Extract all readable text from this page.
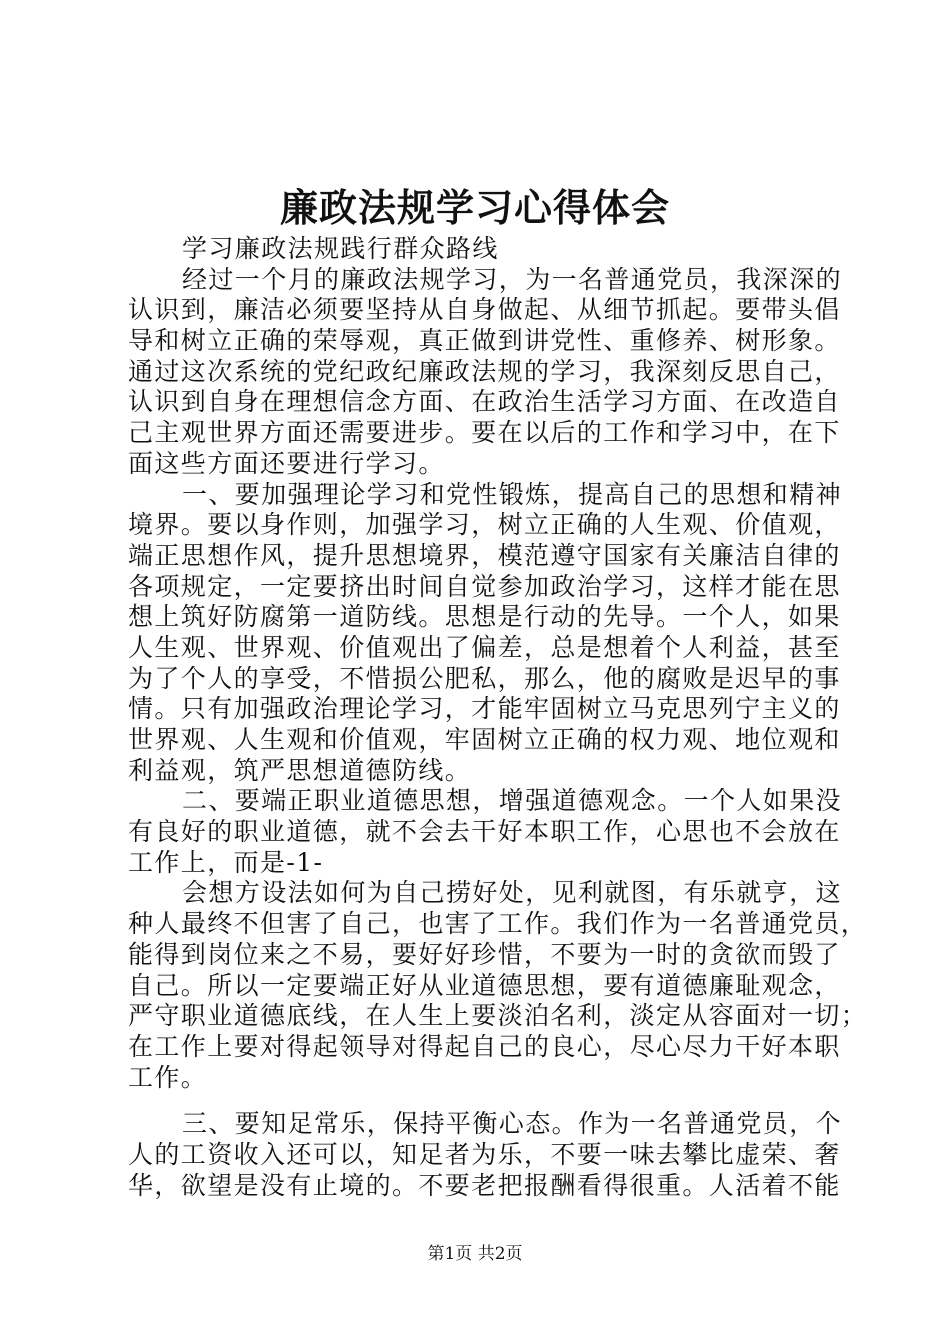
廉政法规学习心得体会
学习廉政法规践行群众路线
经过一个月的廉政法规学习，为一名普通党员，我深深的
认识到，廉洁必须要坚持从自身做起、从细节抓起。要带头倡
导和树立正确的荣辱观，真正做到讲党性、重修养、树形象。
通过这次系统的党纪政纪廉政法规的学习，我深刻反思自己，
认识到自身在理想信念方面、在政治生活学习方面、在改造自
己主观世界方面还需要进步。要在以后的工作和学习中，在下
面这些方面还要进行学习。
一、要加强理论学习和党性锻炼，提高自己的思想和精神
境界。要以身作则，加强学习，树立正确的人生观、价值观，
端正思想作风，提升思想境界，模范遵守国家有关廉洁自律的
各项规定，一定要挤出时间自觉参加政治学习，这样才能在思
想上筑好防腐第一道防线。思想是行动的先导。一个人，如果
人生观、世界观、价值观出了偏差，总是想着个人利益，甚至
为了个人的享受，不惜损公肥私，那么，他的腐败是迟早的事
情。只有加强政治理论学习，才能牢固树立马克思列宁主义的
世界观、人生观和价值观，牢固树立正确的权力观、地位观和
利益观，筑严思想道德防线。
二、要端正职业道德思想，增强道德观念。一个人如果没
有良好的职业道德，就不会去干好本职工作，心思也不会放在
工作上，而是-1-
会想方设法如何为自己捞好处，见利就图，有乐就亨，这
种人最终不但害了自己，也害了工作。我们作为一名普通党员，
能得到岗位来之不易，要好好珍惜，不要为一时的贪欲而毁了
自己。所以一定要端正好从业道德思想，要有道德廉耻观念，
严守职业道德底线，在人生上要淡泊名利，淡定从容面对一切；
在工作上要对得起领导对得起自己的良心，尽心尽力干好本职
工作。
三、要知足常乐，保持平衡心态。作为一名普通党员，个
人的工资收入还可以，知足者为乐，不要一味去攀比虚荣、奢
华，欲望是没有止境的。不要老把报酬看得很重。人活着不能
第1页 共2页
